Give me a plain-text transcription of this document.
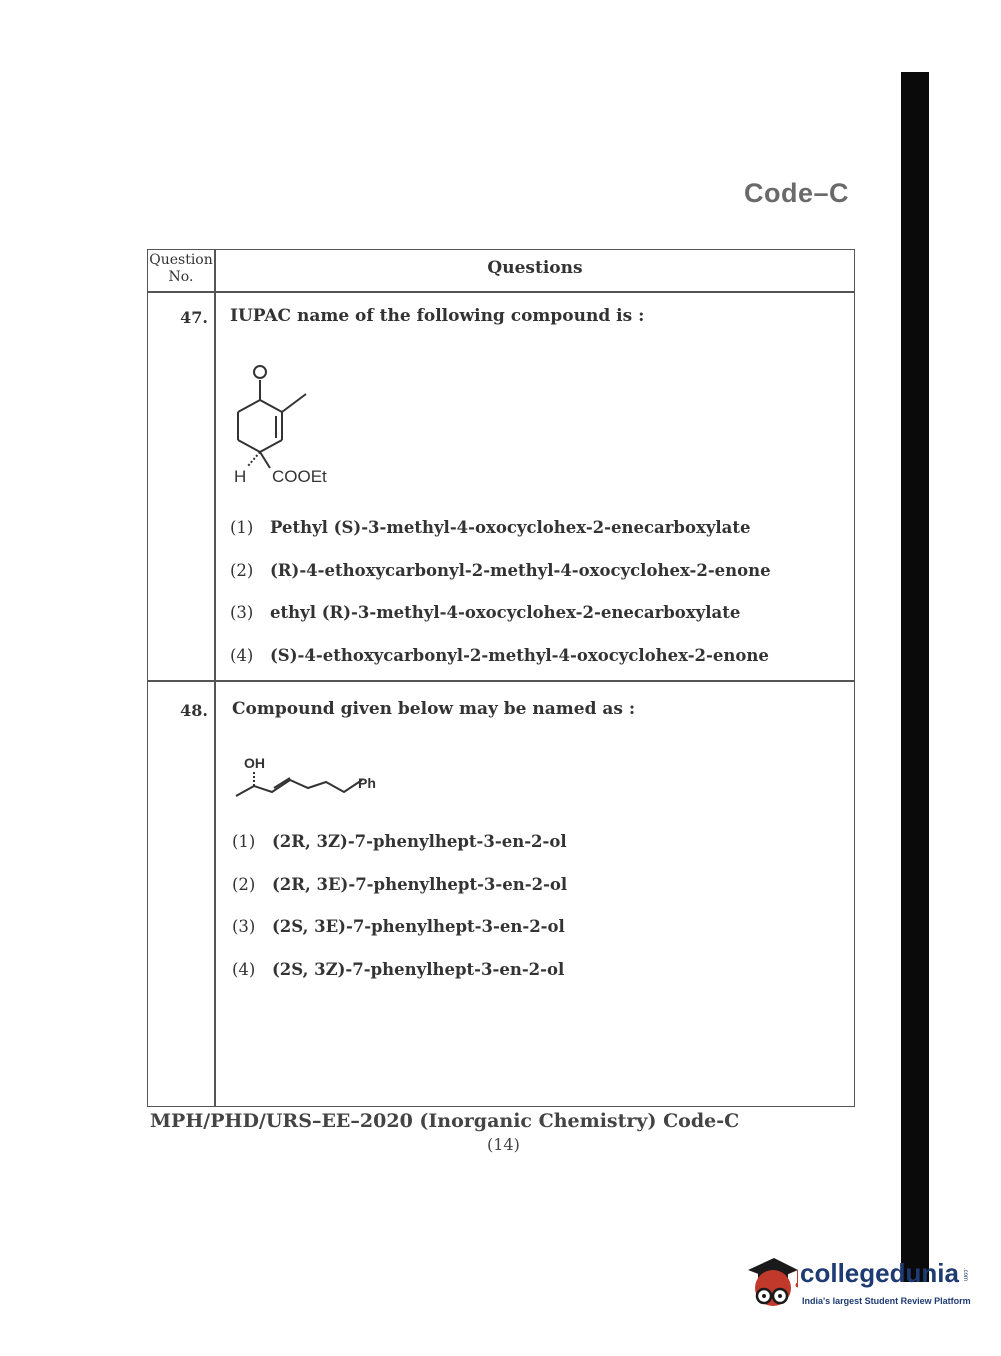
Code–C
Question No.	Questions
47. IUPAC name of the following compound is :
H COOEt
(1) Pethyl (S)-3-methyl-4-oxocyclohex-2-enecarboxylate
(2) (R)-4-ethoxycarbonyl-2-methyl-4-oxocyclohex-2-enone
(3) ethyl (R)-3-methyl-4-oxocyclohex-2-enecarboxylate
(4) (S)-4-ethoxycarbonyl-2-methyl-4-oxocyclohex-2-enone
48. Compound given below may be named as :
OH
Ph
(1) (2R, 3Z)-7-phenylhept-3-en-2-ol
(2) (2R, 3E)-7-phenylhept-3-en-2-ol
(3) (2S, 3E)-7-phenylhept-3-en-2-ol
(4) (2S, 3Z)-7-phenylhept-3-en-2-ol
MPH/PHD/URS–EE–2020 (Inorganic Chemistry) Code-C
(14)
collegedunia .com
India's largest Student Review Platform
